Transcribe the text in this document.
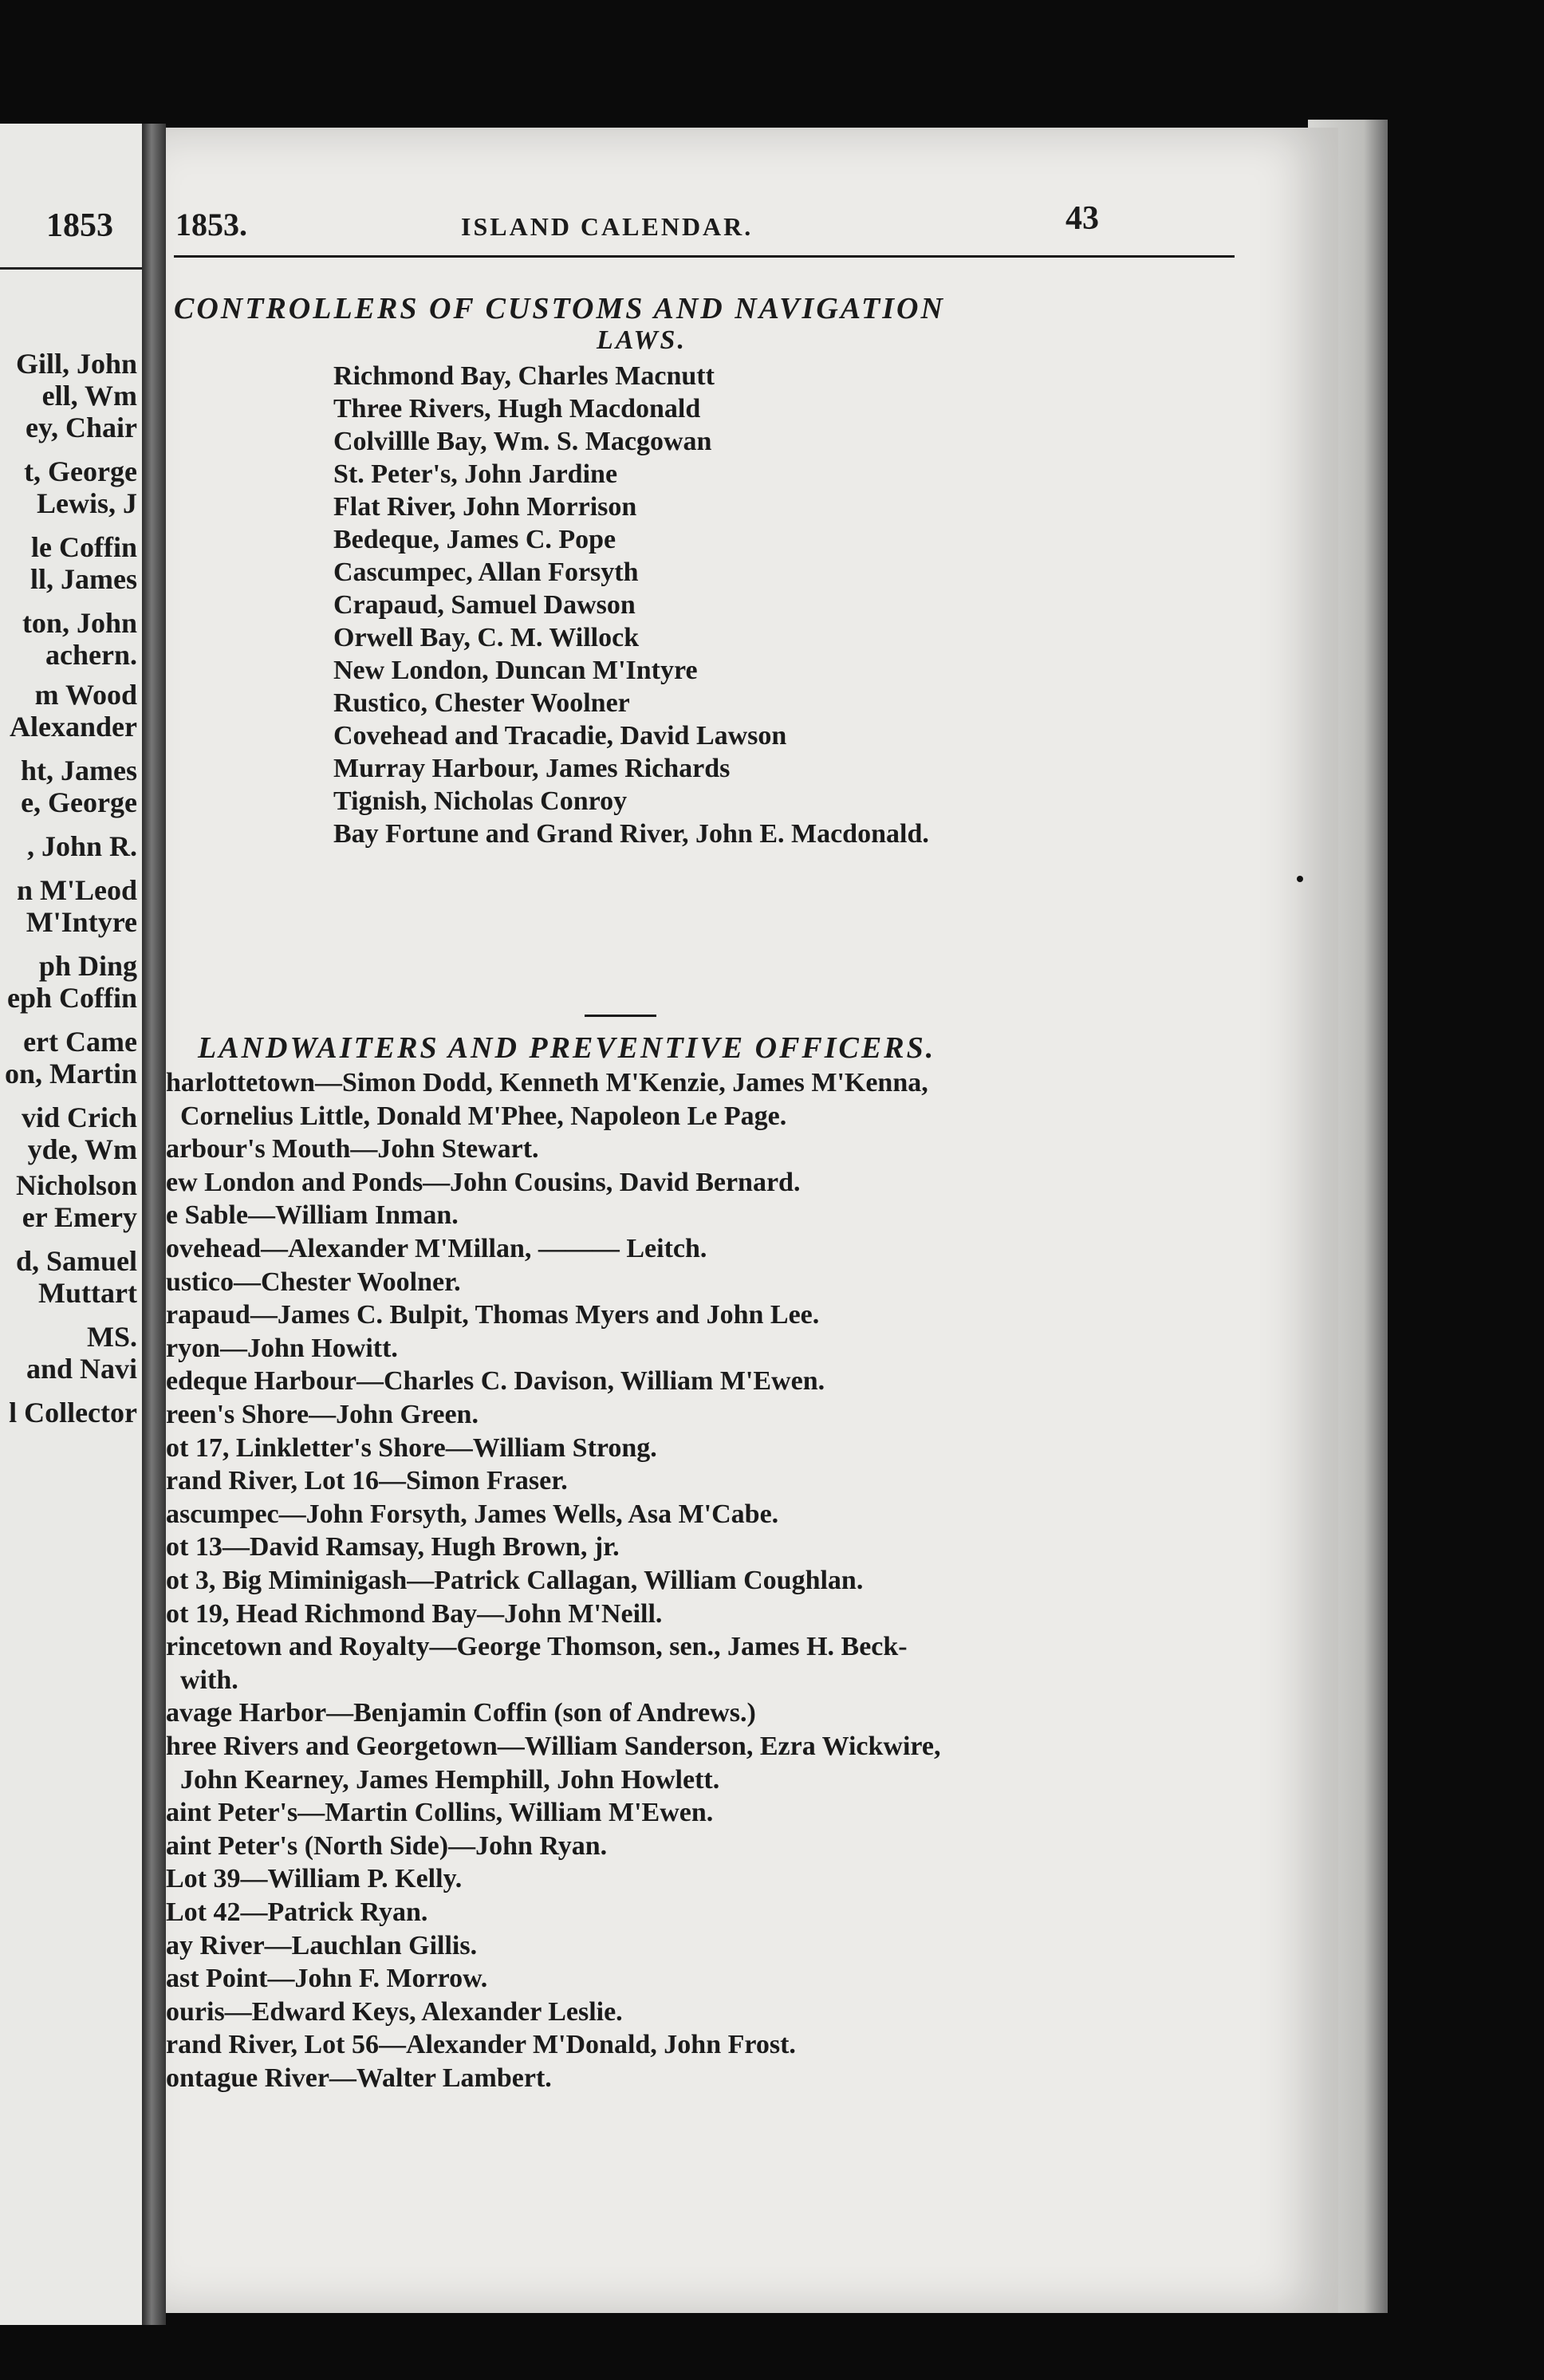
1853
Gill, John
ell, Wm
ey, Chair
t, George
Lewis, J
le Coffin
ll, James
ton, John
achern.
m Wood
Alexander
ht, James
e, George
, John R.
n M'Leod
M'Intyre
ph Ding
eph Coffin
ert Came
on, Martin
vid Crich
yde, Wm
Nicholson
er Emery
d, Samuel
Muttart
MS.
and Navi
l Collector
1853.	ISLAND CALENDAR.	43
CONTROLLERS OF CUSTOMS AND NAVIGATION
LAWS.
Richmond Bay, Charles Macnutt
Three Rivers, Hugh Macdonald
Colvillle Bay, Wm. S. Macgowan
St. Peter's, John Jardine
Flat River, John Morrison
Bedeque, James C. Pope
Cascumpec, Allan Forsyth
Crapaud, Samuel Dawson
Orwell Bay, C. M. Willock
New London, Duncan M'Intyre
Rustico, Chester Woolner
Covehead and Tracadie, David Lawson
Murray Harbour, James Richards
Tignish, Nicholas Conroy
Bay Fortune and Grand River, John E. Macdonald.
LANDWAITERS AND PREVENTIVE OFFICERS.
harlottetown—Simon Dodd, Kenneth M'Kenzie, James M'Kenna,
Cornelius Little, Donald M'Phee, Napoleon Le Page.
arbour's Mouth—John Stewart.
ew London and Ponds—John Cousins, David Bernard.
e Sable—William Inman.
ovehead—Alexander M'Millan, ——— Leitch.
ustico—Chester Woolner.
rapaud—James C. Bulpit, Thomas Myers and John Lee.
ryon—John Howitt.
edeque Harbour—Charles C. Davison, William M'Ewen.
reen's Shore—John Green.
ot 17, Linkletter's Shore—William Strong.
rand River, Lot 16—Simon Fraser.
ascumpec—John Forsyth, James Wells, Asa M'Cabe.
ot 13—David Ramsay, Hugh Brown, jr.
ot 3, Big Miminigash—Patrick Callagan, William Coughlan.
ot 19, Head Richmond Bay—John M'Neill.
rincetown and Royalty—George Thomson, sen., James H. Beck-
with.
avage Harbor—Benjamin Coffin (son of Andrews.)
hree Rivers and Georgetown—William Sanderson, Ezra Wickwire,
John Kearney, James Hemphill, John Howlett.
aint Peter's—Martin Collins, William M'Ewen.
aint Peter's (North Side)—John Ryan.
Lot 39—William P. Kelly.
Lot 42—Patrick Ryan.
ay River—Lauchlan Gillis.
ast Point—John F. Morrow.
ouris—Edward Keys, Alexander Leslie.
rand River, Lot 56—Alexander M'Donald, John Frost.
ontague River—Walter Lambert.
